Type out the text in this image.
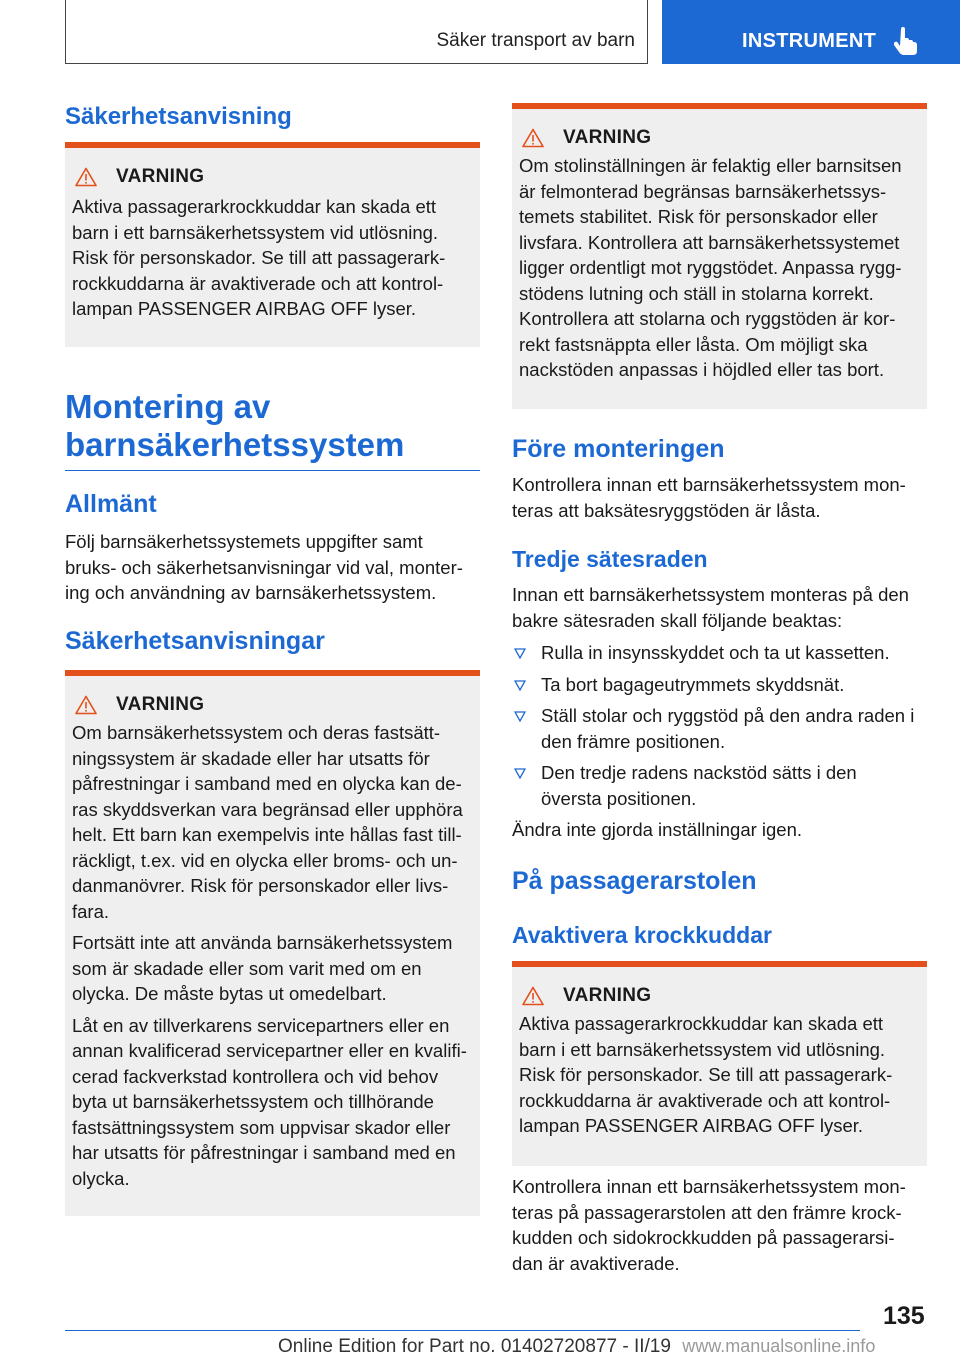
Säker transport av barn	INSTRUMENT
Säkerhetsanvisning
VARNING

Aktiva passagerarkrockkuddar kan skada ett
barn i ett barnsäkerhetssystem vid utlösning.
Risk för personskador. Se till att passagerark-
rockkuddarna är avaktiverade och att kontrol-
lampan PASSENGER AIRBAG OFF lyser.

Montering av
barnsäkerhetssystem
Allmänt

Följ barnsäkerhetssystemets uppgifter samt
bruks- och säkerhetsanvisningar vid val, monter-
ing och användning av barnsäkerhetssystem.

Säkerhetsanvisningar
VARNING

Om barnsäkerhetssystem och deras fastsätt-
ningssystem är skadade eller har utsatts för
påfrestningar i samband med en olycka kan de-
ras skyddsverkan vara begränsad eller upphöra
helt. Ett barn kan exempelvis inte hållas fast till-
räckligt, t.ex. vid en olycka eller broms- och un-
danmanövrer. Risk för personskador eller livs-
fara.

Fortsätt inte att använda barnsäkerhetssystem
som är skadade eller som varit med om en
olycka. De måste bytas ut omedelbart.

Låt en av tillverkarens servicepartners eller en
annan kvalificerad servicepartner eller en kvalifi-
cerad fackverkstad kontrollera och vid behov
byta ut barnsäkerhetssystem och tillhörande
fastsättningssystem som uppvisar skador eller
har utsatts för påfrestningar i samband med en
olycka.

VARNING

Om stolinställningen är felaktig eller barnsitsen
är felmonterad begränsas barnsäkerhetssys-
temets stabilitet. Risk för personskador eller
livsfara. Kontrollera att barnsäkerhetssystemet
ligger ordentligt mot ryggstödet. Anpassa rygg-
stödens lutning och ställ in stolarna korrekt.
Kontrollera att stolarna och ryggstöden är kor-
rekt fastsnäppta eller låsta. Om möjligt ska
nackstöden anpassas i höjdled eller tas bort.

Före monteringen

Kontrollera innan ett barnsäkerhetssystem mon-
teras att baksätesryggstöden är låsta.

Tredje sätesraden

Innan ett barnsäkerhetssystem monteras på den
bakre sätesraden skall följande beaktas:

Rulla in insynsskyddet och ta ut kassetten.
Ta bort bagageutrymmets skyddsnät.
Ställ stolar och ryggstöd på den andra raden i
den främre positionen.
Den tredje radens nackstöd sätts i den
översta positionen.

Ändra inte gjorda inställningar igen.

På passagerarstolen
Avaktivera krockkuddar
VARNING

Aktiva passagerarkrockkuddar kan skada ett
barn i ett barnsäkerhetssystem vid utlösning.
Risk för personskador. Se till att passagerark-
rockkuddarna är avaktiverade och att kontrol-
lampan PASSENGER AIRBAG OFF lyser.

Kontrollera innan ett barnsäkerhetssystem mon-
teras på passagerarstolen att den främre krock-
kudden och sidokrockkudden på passagerarsi-
dan är avaktiverade.

135
Online Edition for Part no. 01402720877 - II/19 www.manualsonline.info
